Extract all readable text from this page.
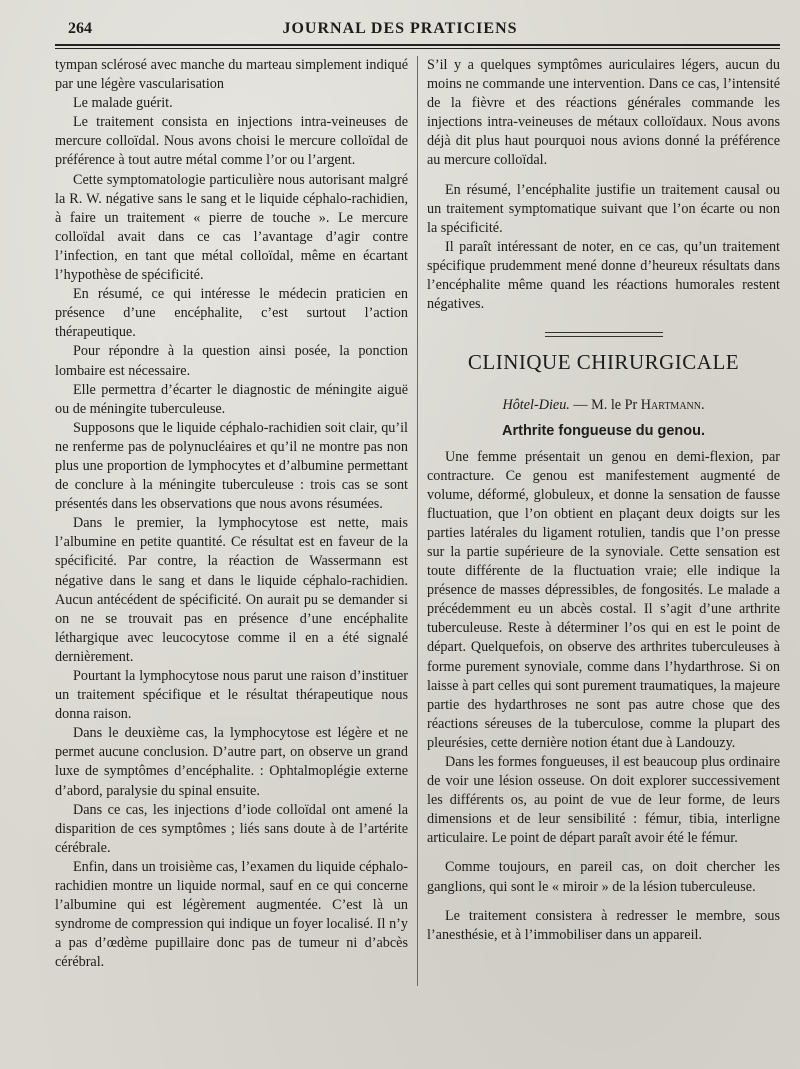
264	JOURNAL DES PRATICIENS

tympan sclérosé avec manche du marteau simplement indiqué par une légère vascularisation

Le malade guérit.

Le traitement consista en injections intra-veineuses de mercure colloïdal. Nous avons choisi le mercure colloïdal de préférence à tout autre métal comme l’or ou l’argent.

Cette symptomatologie particulière nous autorisant malgré la R. W. négative sans le sang et le liquide céphalo-rachidien, à faire un traitement « pierre de touche ». Le mercure colloïdal avait dans ce cas l’avantage d’agir contre l’infection, en tant que métal colloïdal, même en écartant l’hypothèse de spécificité.

En résumé, ce qui intéresse le médecin praticien en présence d’une encéphalite, c’est surtout l’action thérapeutique.

Pour répondre à la question ainsi posée, la ponction lombaire est nécessaire.

Elle permettra d’écarter le diagnostic de méningite aiguë ou de méningite tuberculeuse.

Supposons que le liquide céphalo-rachidien soit clair, qu’il ne renferme pas de polynucléaires et qu’il ne montre pas non plus une proportion de lymphocytes et d’albumine permettant de conclure à la méningite tuberculeuse : trois cas se sont présentés dans les observations que nous avons résumées.

Dans le premier, la lymphocytose est nette, mais l’albumine en petite quantité. Ce résultat est en faveur de la spécificité. Par contre, la réaction de Wassermann est négative dans le sang et dans le liquide céphalo-rachidien. Aucun antécédent de spécificité. On aurait pu se demander si on ne se trouvait pas en présence d’une encéphalite léthargique avec leucocytose comme il en a été signalé dernièrement.

Pourtant la lymphocytose nous parut une raison d’instituer un traitement spécifique et le résultat thérapeutique nous donna raison.

Dans le deuxième cas, la lymphocytose est légère et ne permet aucune conclusion. D’autre part, on observe un grand luxe de symptômes d’encéphalite. : Ophtalmoplégie externe d’abord, paralysie du spinal ensuite.

Dans ce cas, les injections d’iode colloïdal ont amené la disparition de ces symptômes ; liés sans doute à de l’artérite cérébrale.

Enfin, dans un troisième cas, l’examen du liquide céphalo-rachidien montre un liquide normal, sauf en ce qui concerne l’albumine qui est légèrement augmentée. C’est là un syndrome de compression qui indique un foyer localisé. Il n’y a pas d’œdème pupillaire donc pas de tumeur ni d’abcès cérébral.

S’il y a quelques symptômes auriculaires légers, aucun du moins ne commande une intervention. Dans ce cas, l’intensité de la fièvre et des réactions générales commande les injections intra-veineuses de métaux colloïdaux. Nous avons déjà dit plus haut pourquoi nous avions donné la préférence au mercure colloïdal.

En résumé, l’encéphalite justifie un traitement causal ou un traitement symptomatique suivant que l’on écarte ou non la spécificité.

Il paraît intéressant de noter, en ce cas, qu’un traitement spécifique prudemment mené donne d’heureux résultats dans l’encéphalite même quand les réactions humorales restent négatives.

CLINIQUE CHIRURGICALE
Hôtel-Dieu. — M. le Pr Hartmann.
Arthrite fongueuse du genou.

Une femme présentait un genou en demi-flexion, par contracture. Ce genou est manifestement augmenté de volume, déformé, globuleux, et donne la sensation de fausse fluctuation, que l’on obtient en plaçant deux doigts sur les parties latérales du ligament rotulien, tandis que l’on presse sur la partie supérieure de la synoviale. Cette sensation est toute différente de la fluctuation vraie; elle indique la présence de masses dépressibles, de fongosités. Le malade a précédemment eu un abcès costal. Il s’agit d’une arthrite tuberculeuse. Reste à déterminer l’os qui en est le point de départ. Quelquefois, on observe des arthrites tuberculeuses à forme purement synoviale, comme dans l’hydarthrose. Si on laisse à part celles qui sont purement traumatiques, la majeure partie des hydarthroses ne sont pas autre chose que des réactions séreuses de la tuberculose, comme la plupart des pleurésies, cette dernière notion étant due à Landouzy.

Dans les formes fongueuses, il est beaucoup plus ordinaire de voir une lésion osseuse. On doit explorer successivement les différents os, au point de vue de leur forme, de leurs dimensions et de leur sensibilité : fémur, tibia, interligne articulaire. Le point de départ paraît avoir été le fémur.

Comme toujours, en pareil cas, on doit chercher les ganglions, qui sont le « miroir » de la lésion tuberculeuse.

Le traitement consistera à redresser le membre, sous l’anesthésie, et à l’immobiliser dans un appareil.
